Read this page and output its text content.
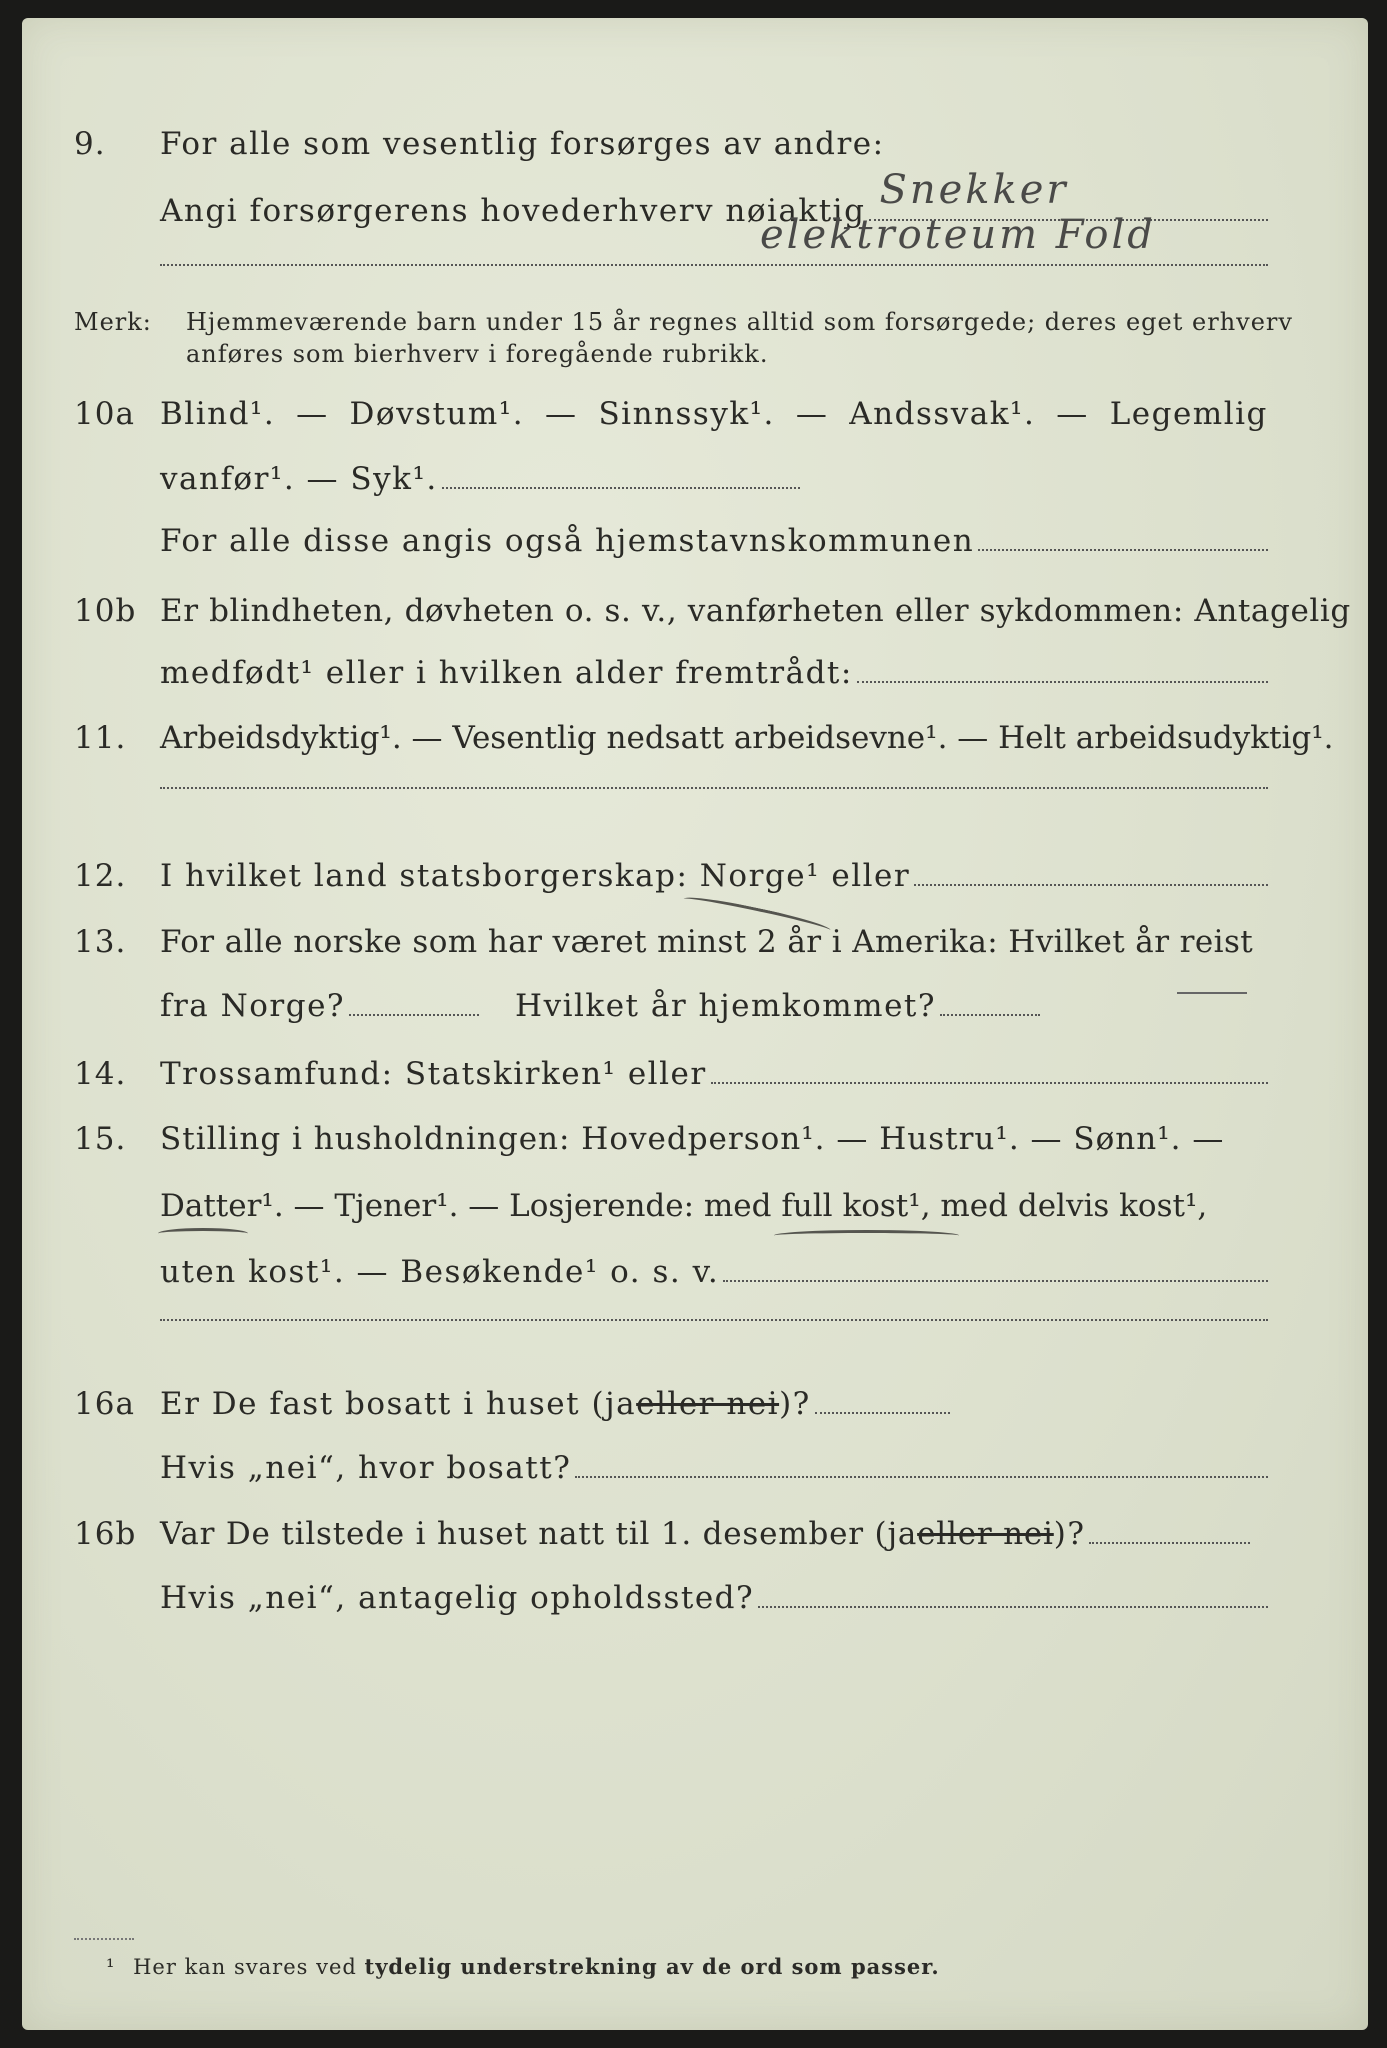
9. For alle som vesentlig forsørges av andre:
Angi forsørgerens hovederhverv nøiaktig Snekker
elektroteum Fold
Merk: Hjemmeværende barn under 15 år regnes alltid som forsørgede; deres eget erhverv
anføres som bierhverv i foregående rubrikk.
10a Blind¹. — Døvstum¹. — Sinnssyk¹. — Andssvak¹. — Legemlig
vanfør¹. — Syk¹.
For alle disse angis også hjemstavnskommunen
10b Er blindheten, døvheten o. s. v., vanførheten eller sykdommen: Antagelig
medfødt¹ eller i hvilken alder fremtrådt:
11. Arbeidsdyktig¹. — Vesentlig nedsatt arbeidsevne¹. — Helt arbeidsudyktig¹.
12. I hvilket land statsborgerskap: Norge¹ eller
13. For alle norske som har været minst 2 år i Amerika: Hvilket år reist
fra Norge?	Hvilket år hjemkommet?
14. Trossamfund: Statskirken¹ eller
15. Stilling i husholdningen: Hovedperson¹. — Hustru¹. — Sønn¹. —
Datter¹. — Tjener¹. — Losjerende: med full kost¹, med delvis kost¹,
uten kost¹. — Besøkende¹ o. s. v.
16a Er De fast bosatt i huset (ja eller nei )?
Hvis „nei“, hvor bosatt?
16b Var De tilstede i huset natt til 1. desember (ja eller nei )?
Hvis „nei“, antagelig opholdssted?
¹ Her kan svares ved tydelig understrekning av de ord som passer.
